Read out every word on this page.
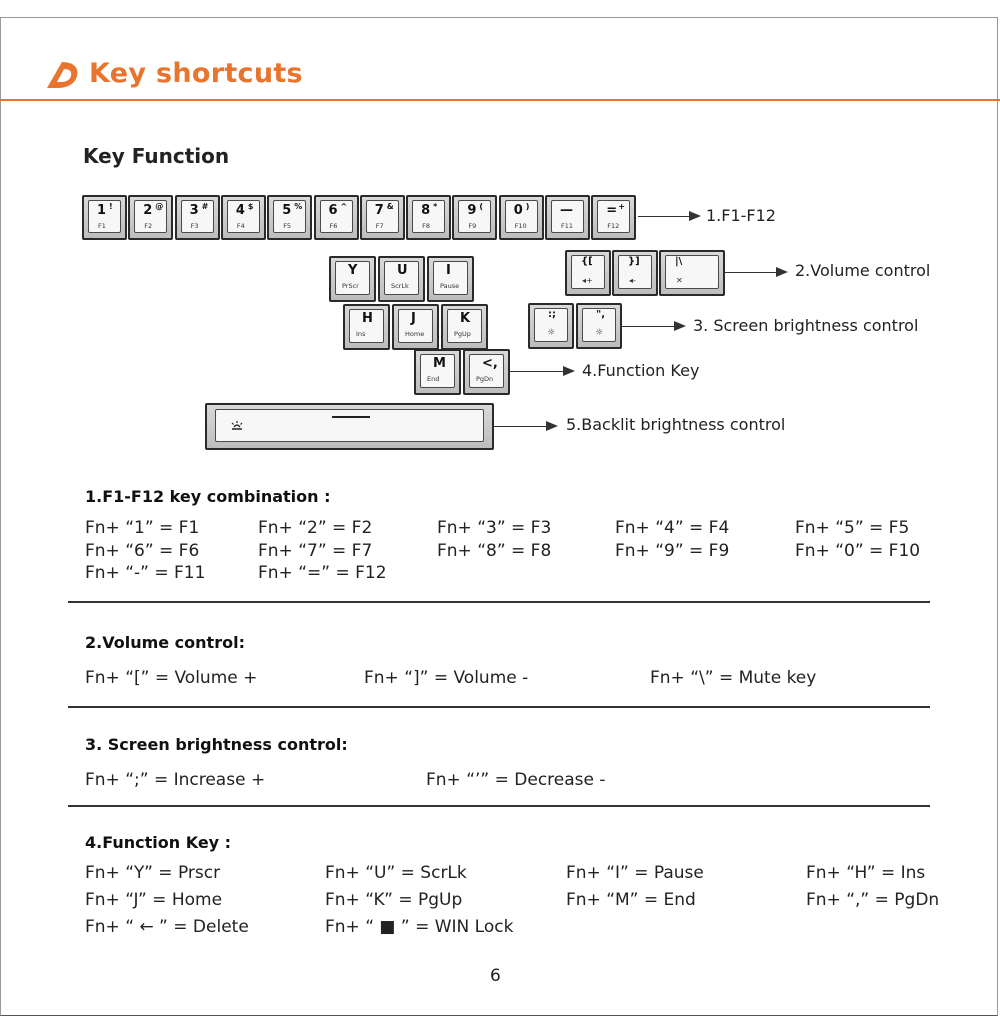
Key shortcuts
Key Function
1 !
F1
2 @
F2
3 #
F3
4 $
F4
5 %
F5
6 ^
F6
7 &
F7
8 *
F8
9 (
F9
0 )
F10
—
F11
= +
F12
Y
PrScr
U
ScrLk
I
Pause
H
Ins
J
Home
K
PgUp
M
End
<,
PgDn
{[
◂+
}]
◂-
|\
✕
:;
☼
",
☼
1.F1-F12
2.Volume control
3. Screen brightness control
4.Function Key
5.Backlit brightness control
1.F1-F12 key combination :
Fn+ “1” = F1	Fn+ “2” = F2	Fn+ “3” = F3	Fn+ “4” = F4	Fn+ “5” = F5
Fn+ “6” = F6	Fn+ “7” = F7	Fn+ “8” = F8	Fn+ “9” = F9	Fn+ “0” = F10
Fn+ “-” = F11	Fn+ “=” = F12
2.Volume control:
Fn+ “[” = Volume +	Fn+ “]” = Volume -	Fn+ “\” = Mute key
3. Screen brightness control:
Fn+ “;” = Increase +	Fn+ “’” = Decrease -
4.Function Key :
Fn+ “Y” = Prscr	Fn+ “U” = ScrLk	Fn+ “I” = Pause	Fn+ “H” = Ins
Fn+ “J” = Home	Fn+ “K” = PgUp	Fn+ “M” = End	Fn+ “,” = PgDn
Fn+ “ ← ” = Delete	Fn+ “ ■ ” = WIN Lock
6
